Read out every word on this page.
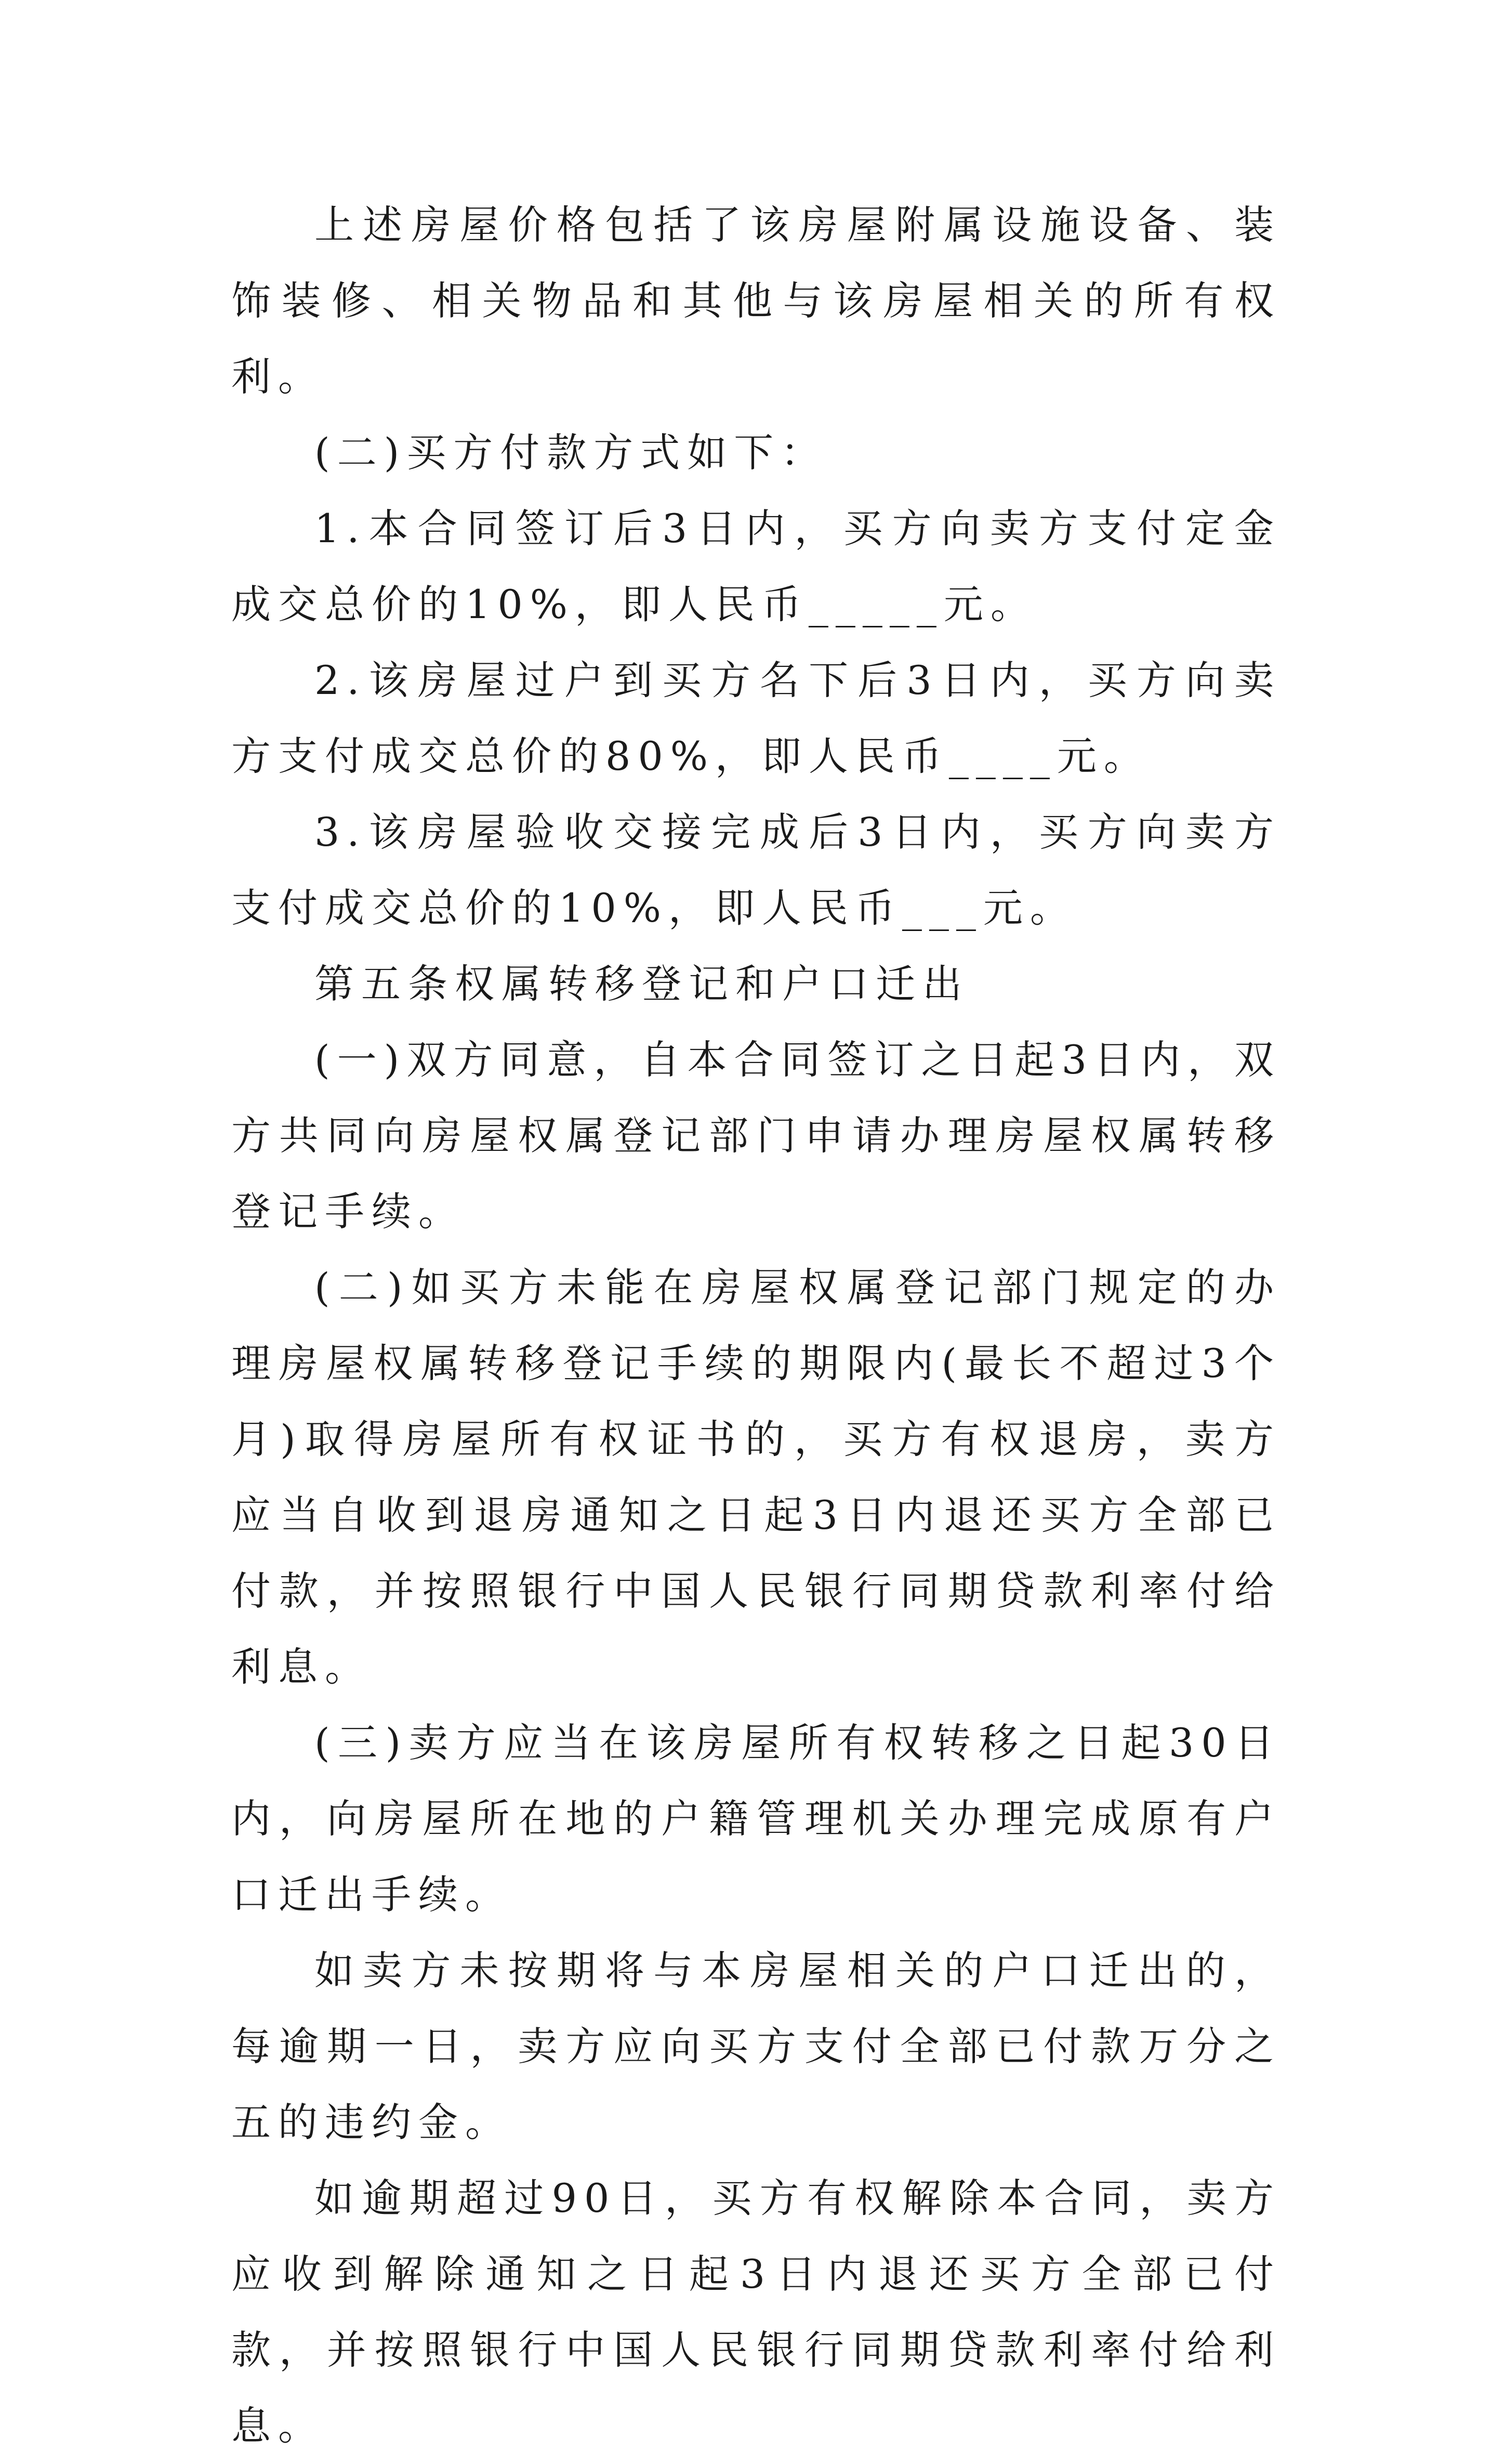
上述房屋价格包括了该房屋附属设施设备、装饰装修、相关物品和其他与该房屋相关的所有权利。

(二)买方付款方式如下：

1.本合同签订后3日内，买方向卖方支付定金成交总价的10%，即人民币_____元。

2.该房屋过户到买方名下后3日内，买方向卖方支付成交总价的80%，即人民币____元。

3.该房屋验收交接完成后3日内，买方向卖方支付成交总价的10%，即人民币___元。

第五条权属转移登记和户口迁出

(一)双方同意，自本合同签订之日起3日内，双方共同向房屋权属登记部门申请办理房屋权属转移登记手续。

(二)如买方未能在房屋权属登记部门规定的办理房屋权属转移登记手续的期限内(最长不超过3个月)取得房屋所有权证书的，买方有权退房，卖方应当自收到退房通知之日起3日内退还买方全部已付款，并按照银行中国人民银行同期贷款利率付给利息。

(三)卖方应当在该房屋所有权转移之日起30日内，向房屋所在地的户籍管理机关办理完成原有户口迁出手续。

如卖方未按期将与本房屋相关的户口迁出的，每逾期一日，卖方应向买方支付全部已付款万分之五的违约金。

如逾期超过90日，买方有权解除本合同，卖方应收到解除通知之日起3日内退还买方全部已付款，并按照银行中国人民银行同期贷款利率付给利息。
